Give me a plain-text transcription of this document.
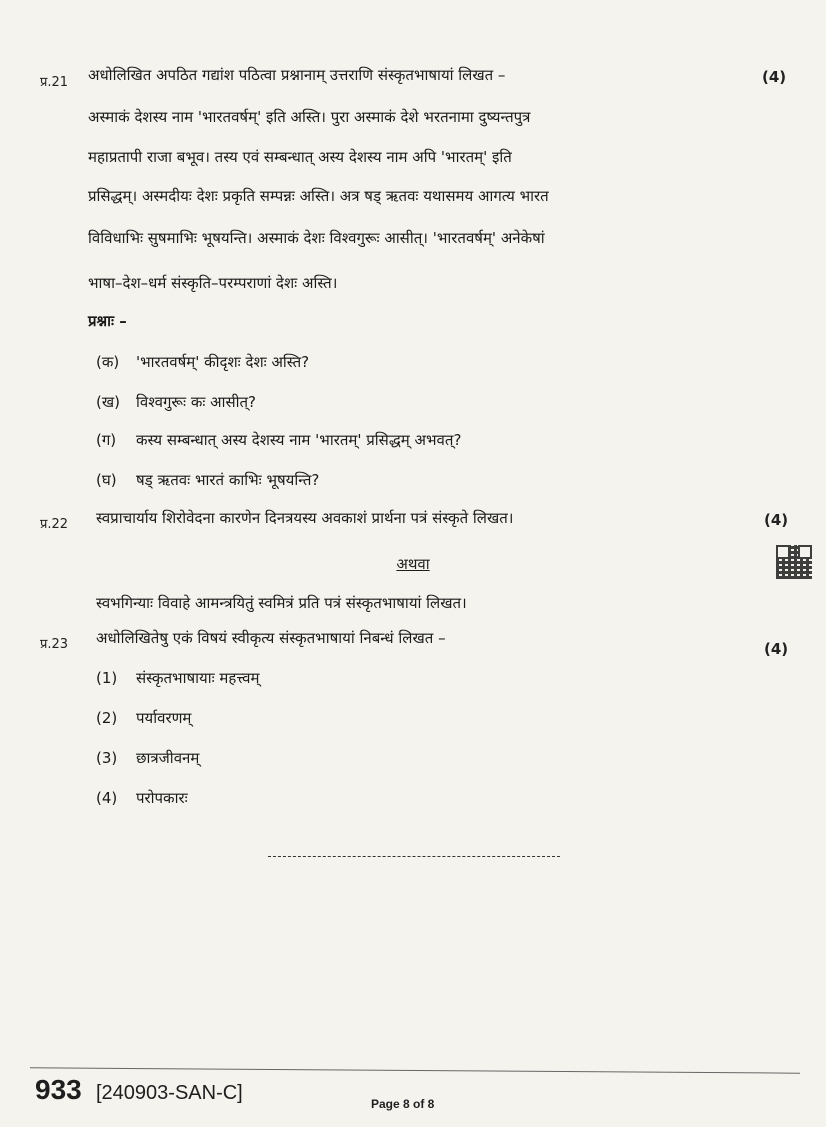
प्र.21 अधोलिखित अपठित गद्यांश पठित्वा प्रश्नानाम् उत्तराणि संस्कृतभाषायां लिखत –	(4)
अस्माकं देशस्य नाम 'भारतवर्षम्' इति अस्ति। पुरा अस्माकं देशे भरतनामा दुष्यन्तपुत्र
महाप्रतापी राजा बभूव। तस्य एवं सम्बन्धात् अस्य देशस्य नाम अपि 'भारतम्' इति
प्रसिद्धम्। अस्मदीयः देशः प्रकृति सम्पन्नः अस्ति। अत्र षड् ऋतवः यथासमय आगत्य भारत
विविधाभिः सुषमाभिः भूषयन्ति। अस्माकं देशः विश्वगुरूः आसीत्। 'भारतवर्षम्' अनेकेषां
भाषा–देश–धर्म संस्कृति–परम्पराणां देशः अस्ति।
प्रश्नाः –
(क) 'भारतवर्षम्' कीदृशः देशः अस्ति?
(ख) विश्वगुरूः कः आसीत्?
(ग) कस्य सम्बन्धात् अस्य देशस्य नाम 'भारतम्' प्रसिद्धम् अभवत्?
(घ) षड् ऋतवः भारतं काभिः भूषयन्ति?
प्र.22 स्वप्राचार्याय शिरोवेदना कारणेन दिनत्रयस्य अवकाशं प्रार्थना पत्रं संस्कृते लिखत।	(4)
अथवा
स्वभगिन्याः विवाहे आमन्त्रयितुं स्वमित्रं प्रति पत्रं संस्कृतभाषायां लिखत।
प्र.23 अधोलिखितेषु एकं विषयं स्वीकृत्य संस्कृतभाषायां निबन्धं लिखत –
(4)
(1) संस्कृतभाषायाः महत्त्वम्
(2) पर्यावरणम्
(3) छात्रजीवनम्
(4) परोपकारः
933 [240903-SAN-C]	Page 8 of 8
